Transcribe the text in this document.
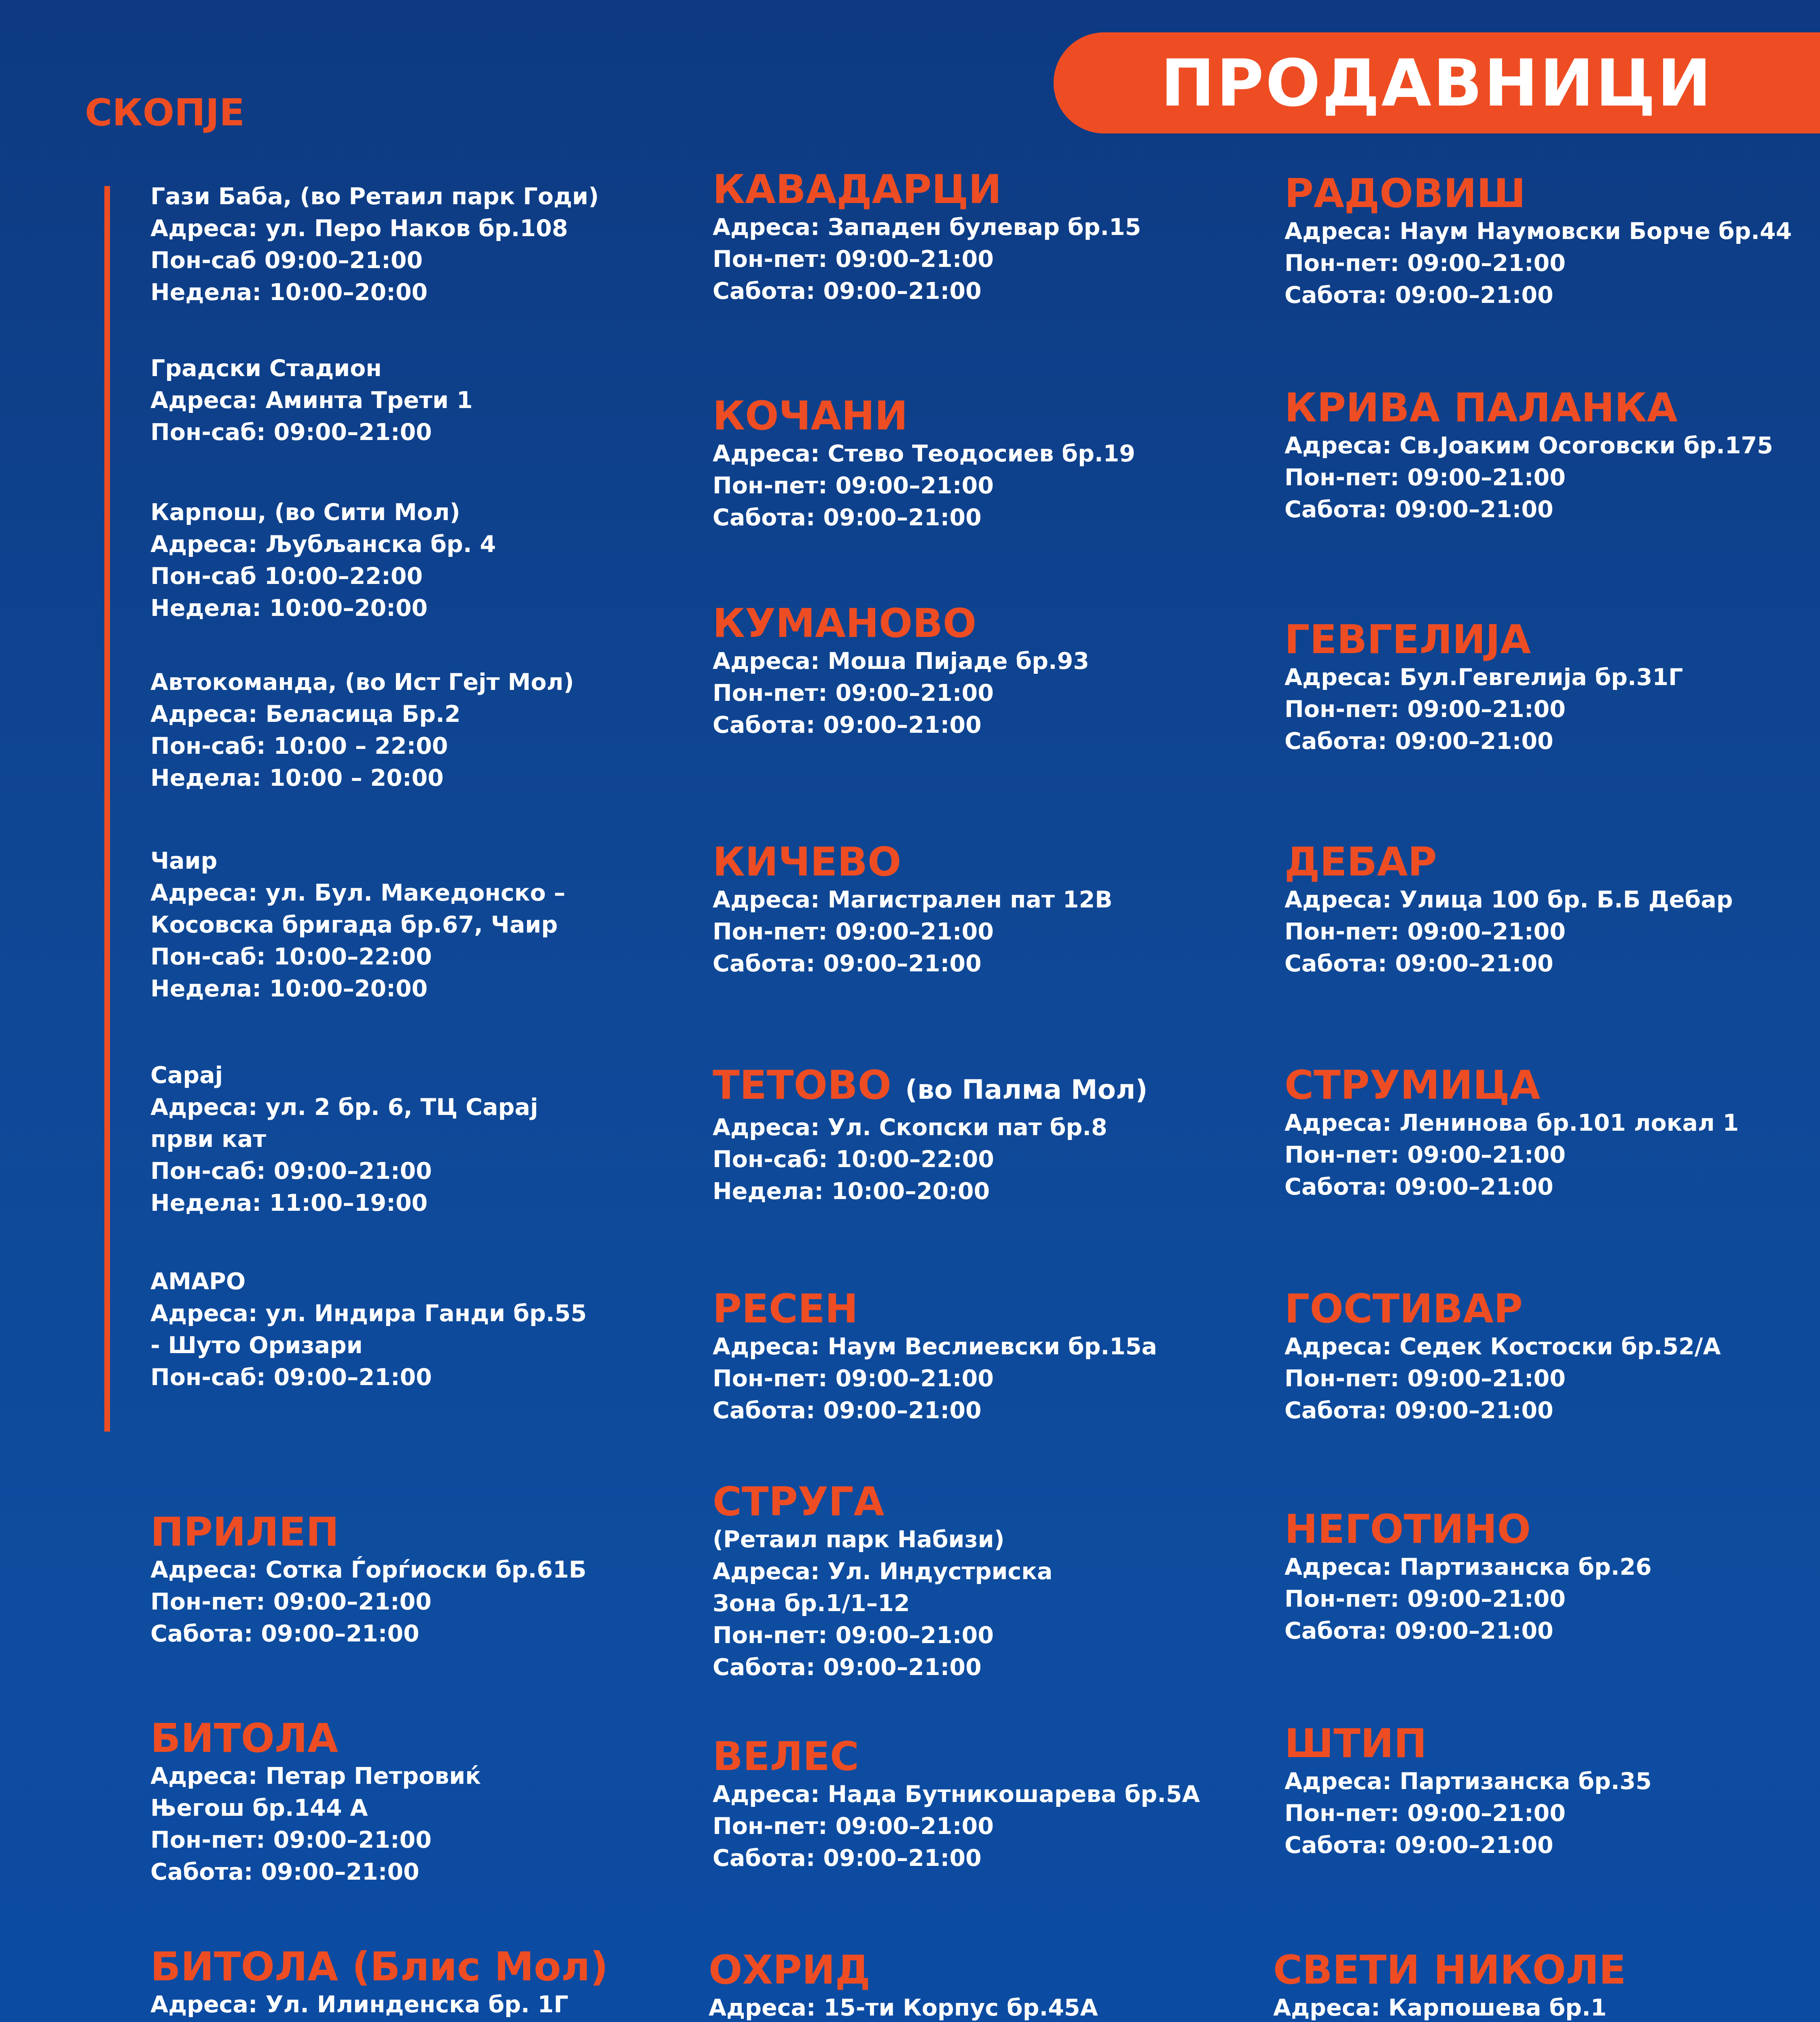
ПРОДАВНИЦИ
СКОПЈЕ
Гази Баба, (во Ретаил парк Годи)
Адреса: ул. Перо Наков бр.108
Пон-саб 09:00–21:00
Недела: 10:00–20:00
Градски Стадион
Адреса: Аминта Трети 1
Пон-саб: 09:00–21:00
Карпош, (во Сити Мол)
Адреса: Љубљанска бр. 4
Пон-саб 10:00–22:00
Недела: 10:00–20:00
Автокоманда, (во Ист Гејт Мол)
Адреса: Беласица Бр.2
Пон-саб: 10:00 – 22:00
Недела: 10:00 – 20:00
Чаир
Адреса: ул. Бул. Македонско –
Косовска бригада бр.67, Чаир
Пон-саб: 10:00–22:00
Недела: 10:00–20:00
Сарај
Адреса: ул. 2 бр. 6, ТЦ Сарај
први кат
Пон-саб: 09:00–21:00
Недела: 11:00–19:00
АМАРО
Адреса: ул. Индира Ганди бр.55
- Шуто Оризари
Пон-саб: 09:00–21:00
ПРИЛЕП
Адреса: Сотка Ѓорѓиоски бр.61Б
Пон-пет: 09:00–21:00
Сабота: 09:00–21:00
БИТОЛА
Адреса: Петар Петровиќ
Његош бр.144 А
Пон-пет: 09:00–21:00
Сабота: 09:00–21:00
БИТОЛА (Блис Мол)
Адреса: Ул. Илинденска бр. 1Г
КАВАДАРЦИ
Адреса: Западен булевар бр.15
Пон-пет: 09:00–21:00
Сабота: 09:00–21:00
КОЧАНИ
Адреса: Стево Теодосиев бр.19
Пон-пет: 09:00–21:00
Сабота: 09:00–21:00
КУМАНОВО
Адреса: Моша Пијаде бр.93
Пон-пет: 09:00–21:00
Сабота: 09:00–21:00
КИЧЕВО
Адреса: Магистрален пат 12В
Пон-пет: 09:00–21:00
Сабота: 09:00–21:00
ТЕТОВО (во Палма Мол)
Адреса: Ул. Скопски пат бр.8
Пон-саб: 10:00–22:00
Недела: 10:00–20:00
РЕСЕН
Адреса: Наум Веслиевски бр.15а
Пон-пет: 09:00–21:00
Сабота: 09:00–21:00
СТРУГА
(Ретаил парк Набизи)
Адреса: Ул. Индустриска
Зона бр.1/1–12
Пон-пет: 09:00–21:00
Сабота: 09:00–21:00
ВЕЛЕС
Адреса: Нада Бутникошарева бр.5А
Пон-пет: 09:00–21:00
Сабота: 09:00–21:00
ОХРИД
Адреса: 15-ти Корпус бр.45А
РАДОВИШ
Адреса: Наум Наумовски Борче бр.44
Пон-пет: 09:00–21:00
Сабота: 09:00–21:00
КРИВА ПАЛАНКА
Адреса: Св.Јоаким Осоговски бр.175
Пон-пет: 09:00–21:00
Сабота: 09:00–21:00
ГЕВГЕЛИЈА
Адреса: Бул.Гевгелија бр.31Г
Пон-пет: 09:00–21:00
Сабота: 09:00–21:00
ДЕБАР
Адреса: Улица 100 бр. Б.Б Дебар
Пон-пет: 09:00–21:00
Сабота: 09:00–21:00
СТРУМИЦА
Адреса: Ленинова бр.101 локал 1
Пон-пет: 09:00–21:00
Сабота: 09:00–21:00
ГОСТИВАР
Адреса: Седек Костоски бр.52/А
Пон-пет: 09:00–21:00
Сабота: 09:00–21:00
НЕГОТИНО
Адреса: Партизанска бр.26
Пон-пет: 09:00–21:00
Сабота: 09:00–21:00
ШТИП
Адреса: Партизанска бр.35
Пон-пет: 09:00–21:00
Сабота: 09:00–21:00
СВЕТИ НИКОЛЕ
Адреса: Карпошева бр.1
